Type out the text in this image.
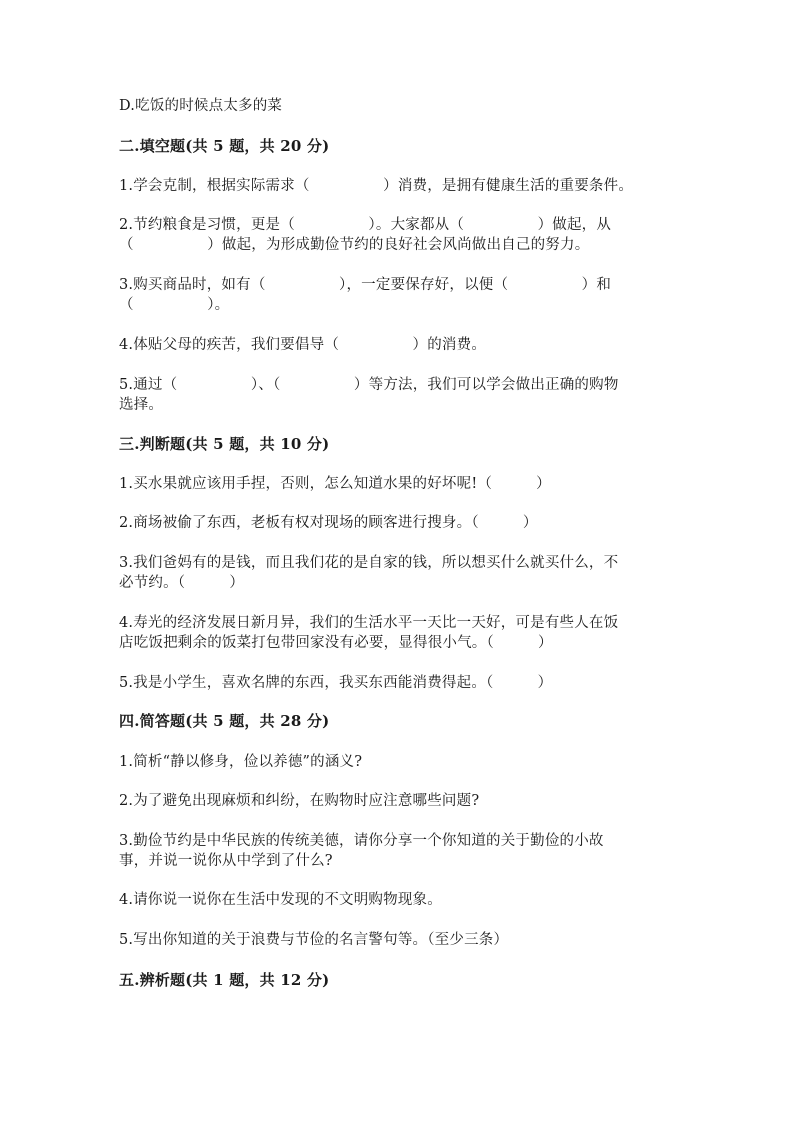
D.吃饭的时候点太多的菜
二.填空题(共 5 题，共 20 分)
1.学会克制，根据实际需求（　　　　　）消费，是拥有健康生活的重要条件。
2.节约粮食是习惯，更是（　　　　　）。大家都从（　　　　　）做起，从
（　　　　　）做起，为形成勤俭节约的良好社会风尚做出自己的努力。
3.购买商品时，如有（　　　　　），一定要保存好，以便（　　　　　）和
（　　　　　）。
4.体贴父母的疾苦，我们要倡导（　　　　　）的消费。
5.通过（　　　　　）、（　　　　　）等方法，我们可以学会做出正确的购物
选择。
三.判断题(共 5 题，共 10 分)
1.买水果就应该用手捏，否则，怎么知道水果的好坏呢!（　　　）
2.商场被偷了东西，老板有权对现场的顾客进行搜身。（　　　）
3.我们爸妈有的是钱，而且我们花的是自家的钱，所以想买什么就买什么，不
必节约。（　　　）
4.寿光的经济发展日新月异，我们的生活水平一天比一天好，可是有些人在饭
店吃饭把剩余的饭菜打包带回家没有必要，显得很小气。（　　　）
5.我是小学生，喜欢名牌的东西，我买东西能消费得起。（　　　）
四.简答题(共 5 题，共 28 分)
1.简析“静以修身，俭以养德”的涵义?
2.为了避免出现麻烦和纠纷，在购物时应注意哪些问题?
3.勤俭节约是中华民族的传统美德，请你分享一个你知道的关于勤俭的小故
事，并说一说你从中学到了什么?
4.请你说一说你在生活中发现的不文明购物现象。
5.写出你知道的关于浪费与节俭的名言警句等。（至少三条）
五.辨析题(共 1 题，共 12 分)
